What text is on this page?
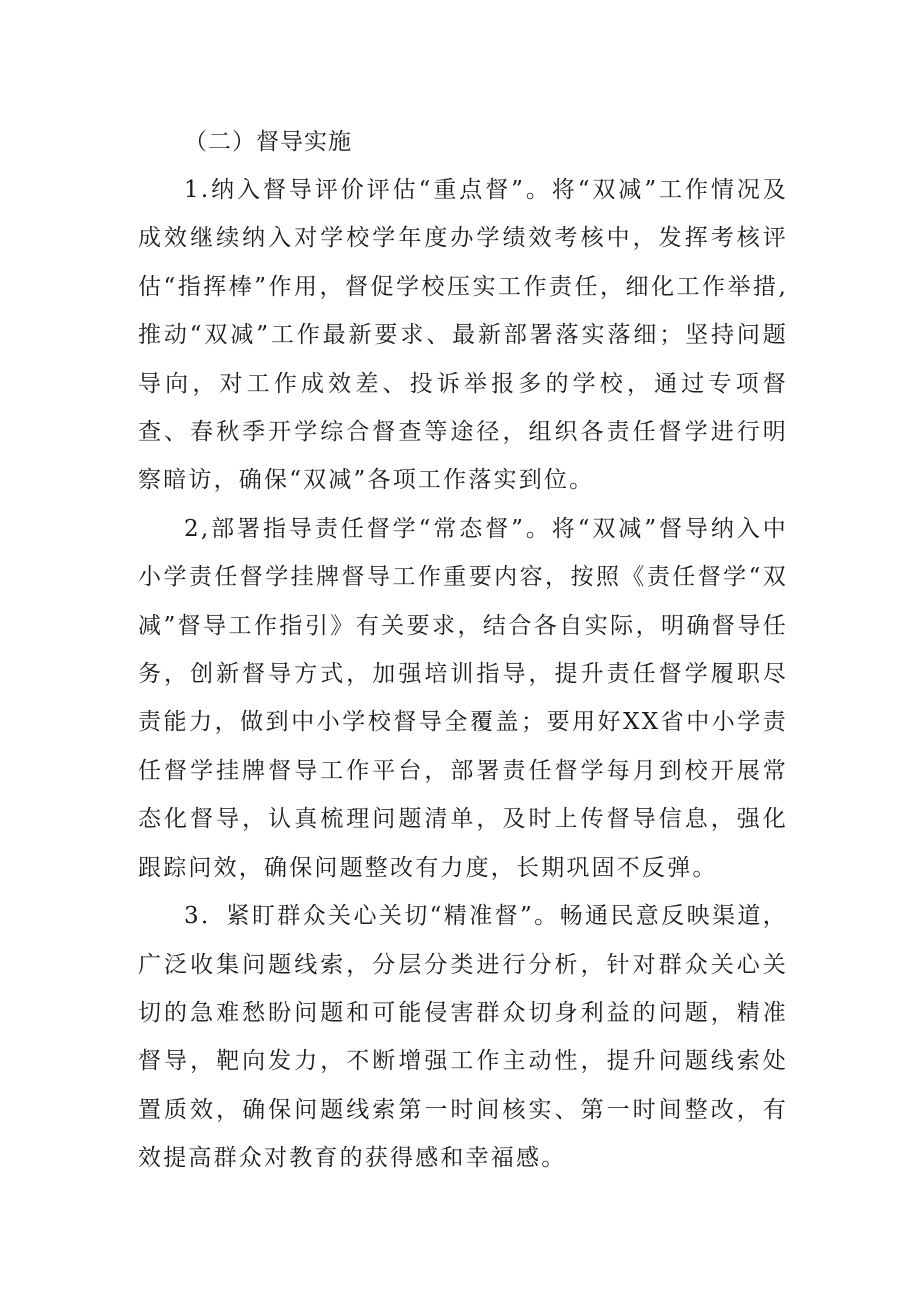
（二）督导实施

1.纳入督导评价评估“重点督”。将“双减”工作情况及成效继续纳入对学校学年度办学绩效考核中，发挥考核评估“指挥棒”作用，督促学校压实工作责任，细化工作举措,推动“双减”工作最新要求、最新部署落实落细；坚持问题导向，对工作成效差、投诉举报多的学校，通过专项督查、春秋季开学综合督查等途径，组织各责任督学进行明察暗访，确保“双减”各项工作落实到位。

2,部署指导责任督学“常态督”。将“双减”督导纳入中小学责任督学挂牌督导工作重要内容，按照《责任督学“双减”督导工作指引》有关要求，结合各自实际，明确督导任务，创新督导方式，加强培训指导，提升责任督学履职尽责能力，做到中小学校督导全覆盖；要用好XX省中小学责任督学挂牌督导工作平台，部署责任督学每月到校开展常态化督导，认真梳理问题清单，及时上传督导信息，强化跟踪问效，确保问题整改有力度，长期巩固不反弹。

3．紧盯群众关心关切“精准督”。畅通民意反映渠道，广泛收集问题线索，分层分类进行分析，针对群众关心关切的急难愁盼问题和可能侵害群众切身利益的问题，精准督导，靶向发力，不断增强工作主动性，提升问题线索处置质效，确保问题线索第一时间核实、第一时间整改，有效提高群众对教育的获得感和幸福感。
